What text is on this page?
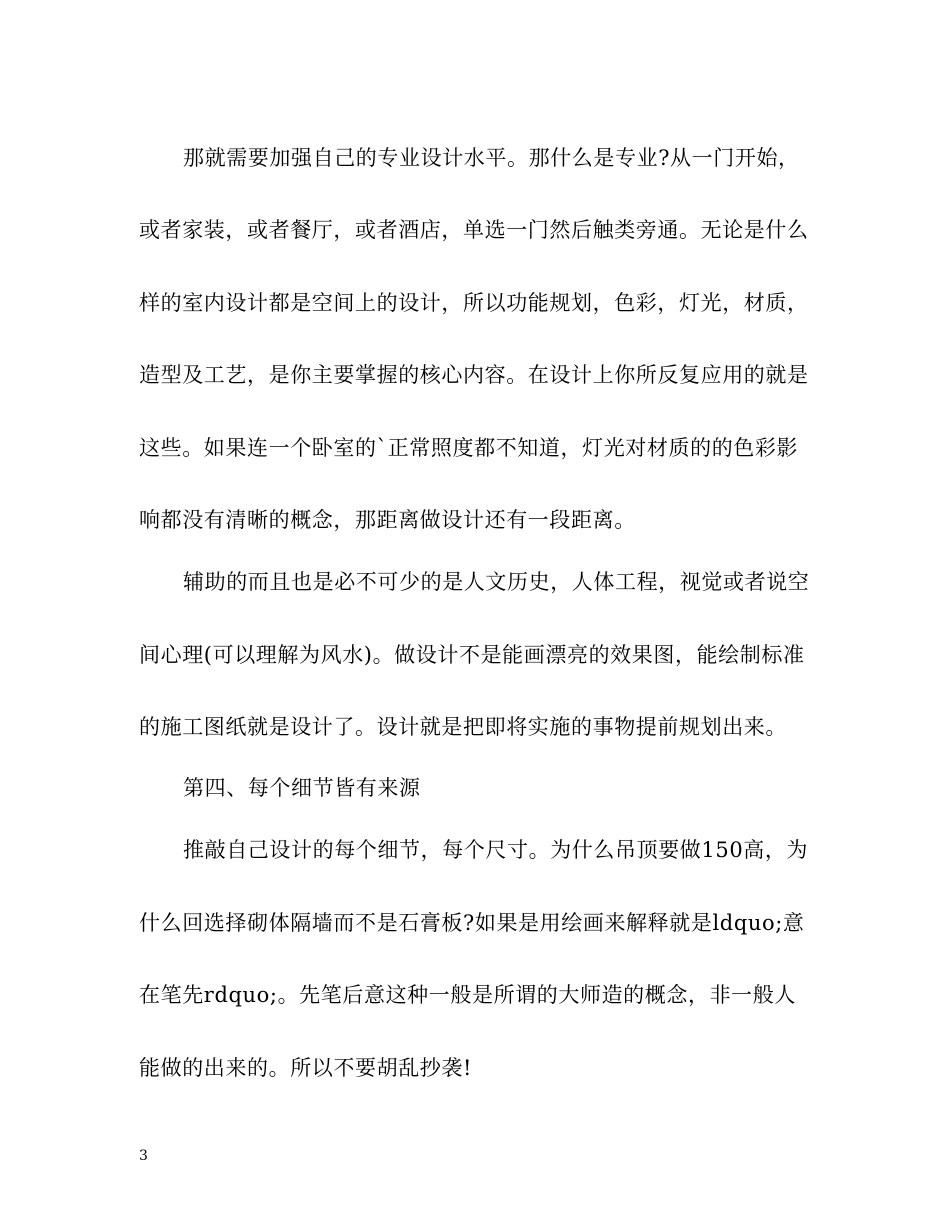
那就需要加强自己的专业设计水平。那什么是专业?从一门开始，
或者家装，或者餐厅，或者酒店，单选一门然后触类旁通。无论是什么
样的室内设计都是空间上的设计，所以功能规划，色彩，灯光，材质，
造型及工艺，是你主要掌握的核心内容。在设计上你所反复应用的就是
这些。如果连一个卧室的`正常照度都不知道，灯光对材质的的色彩影
响都没有清晰的概念，那距离做设计还有一段距离。
辅助的而且也是必不可少的是人文历史，人体工程，视觉或者说空
间心理(可以理解为风水)。做设计不是能画漂亮的效果图，能绘制标准
的施工图纸就是设计了。设计就是把即将实施的事物提前规划出来。
第四、每个细节皆有来源
推敲自己设计的每个细节，每个尺寸。为什么吊顶要做150高，为
什么回选择砌体隔墙而不是石膏板?如果是用绘画来解释就是ldquo;意
在笔先rdquo;。先笔后意这种一般是所谓的大师造的概念，非一般人
能做的出来的。所以不要胡乱抄袭!
3
